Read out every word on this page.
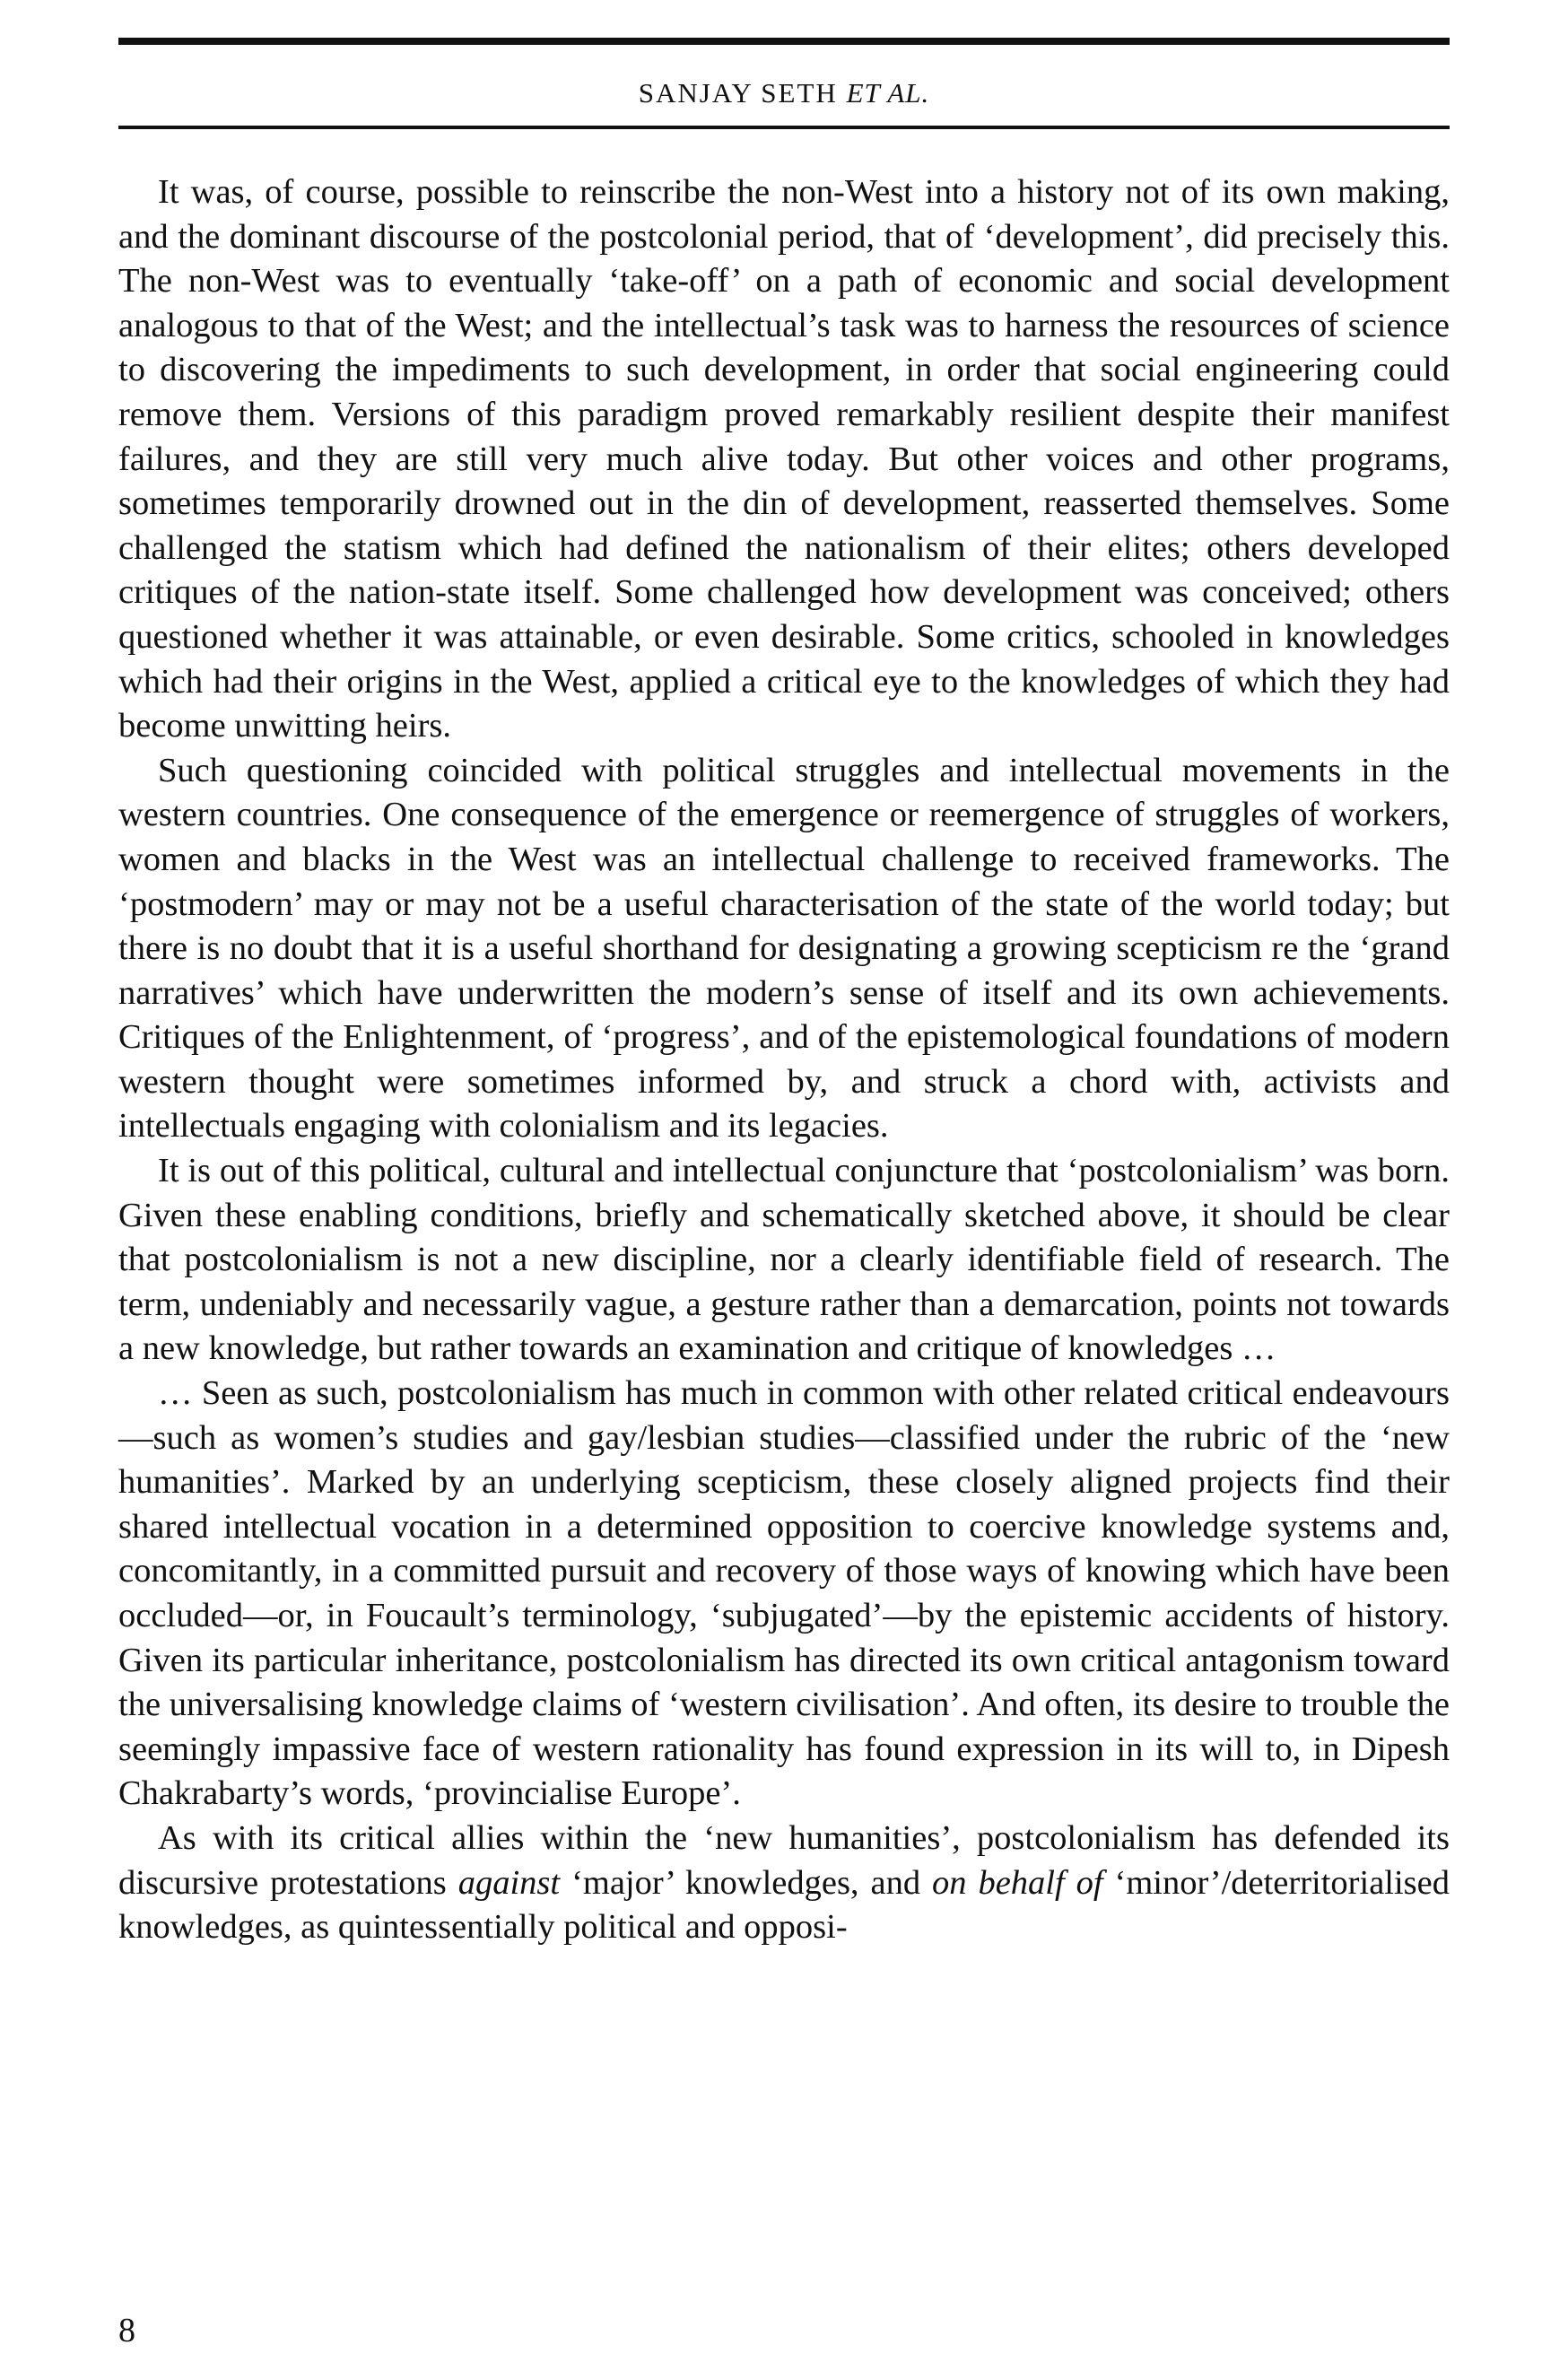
SANJAY SETH ET AL.

It was, of course, possible to reinscribe the non-West into a history not of its own making, and the dominant discourse of the postcolonial period, that of ‘development’, did precisely this. The non-West was to eventually ‘take-off’ on a path of economic and social development analogous to that of the West; and the intellectual’s task was to harness the resources of science to discovering the impediments to such development, in order that social engineering could remove them. Versions of this paradigm proved remarkably resilient despite their manifest failures, and they are still very much alive today. But other voices and other programs, sometimes temporarily drowned out in the din of development, reasserted themselves. Some challenged the statism which had defined the nationalism of their elites; others developed critiques of the nation-state itself. Some challenged how development was conceived; others questioned whether it was attainable, or even desirable. Some critics, schooled in knowledges which had their origins in the West, applied a critical eye to the knowledges of which they had become unwitting heirs.

Such questioning coincided with political struggles and intellectual movements in the western countries. One consequence of the emergence or reemergence of struggles of workers, women and blacks in the West was an intellectual challenge to received frameworks. The ‘postmodern’ may or may not be a useful characterisation of the state of the world today; but there is no doubt that it is a useful shorthand for designating a growing scepticism re the ‘grand narratives’ which have underwritten the modern’s sense of itself and its own achievements. Critiques of the Enlightenment, of ‘progress’, and of the epistemological foundations of modern western thought were sometimes informed by, and struck a chord with, activists and intellectuals engaging with colonialism and its legacies.

It is out of this political, cultural and intellectual conjuncture that ‘postcolonialism’ was born. Given these enabling conditions, briefly and schematically sketched above, it should be clear that postcolonialism is not a new discipline, nor a clearly identifiable field of research. The term, undeniably and necessarily vague, a gesture rather than a demarcation, points not towards a new knowledge, but rather towards an examination and critique of knowledges …

… Seen as such, postcolonialism has much in common with other related critical endeavours—such as women’s studies and gay/lesbian studies—classified under the rubric of the ‘new humanities’. Marked by an underlying scepticism, these closely aligned projects find their shared intellectual vocation in a determined opposition to coercive knowledge systems and, concomitantly, in a committed pursuit and recovery of those ways of knowing which have been occluded—or, in Foucault’s terminology, ‘subjugated’—by the epistemic accidents of history. Given its particular inheritance, postcolonialism has directed its own critical antagonism toward the universalising knowledge claims of ‘western civilisation’. And often, its desire to trouble the seemingly impassive face of western rationality has found expression in its will to, in Dipesh Chakrabarty’s words, ‘provincialise Europe’.

As with its critical allies within the ‘new humanities’, postcolonialism has defended its discursive protestations against ‘major’ knowledges, and on behalf of ‘minor’/deterritorialised knowledges, as quintessentially political and opposi-

8
